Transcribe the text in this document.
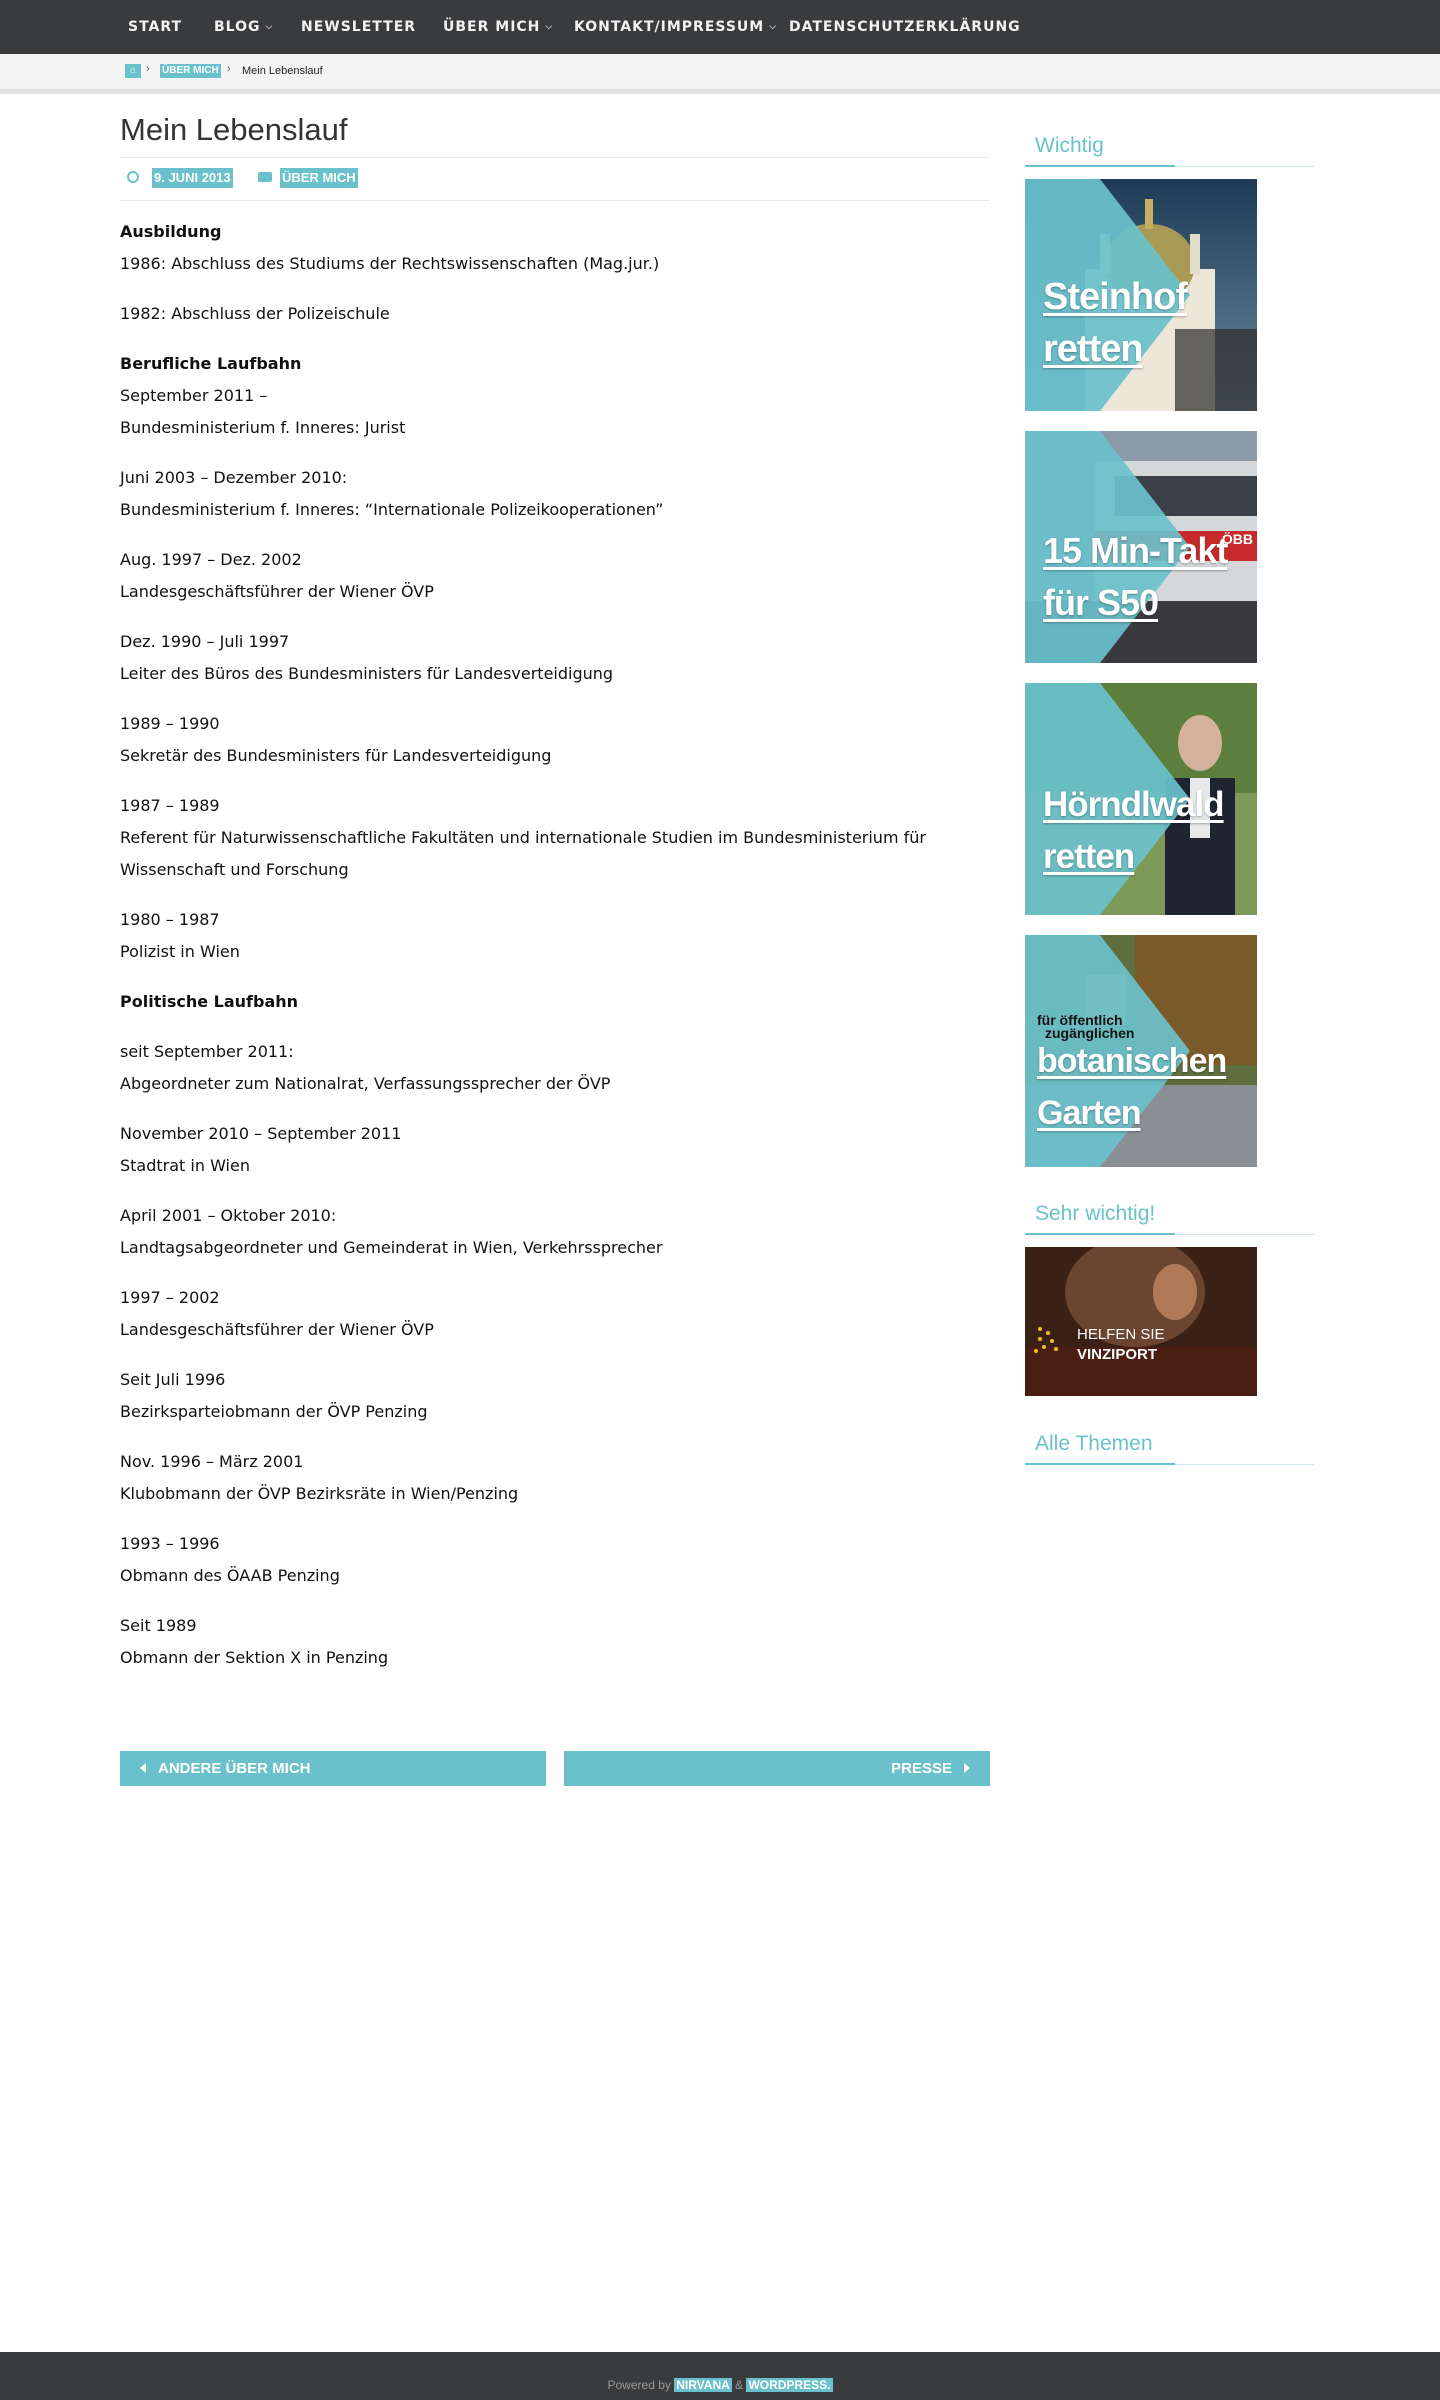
START BLOG ⌵ NEWSLETTER ÜBER MICH ⌵ KONTAKT/IMPRESSUM ⌵ DATENSCHUTZERKLÄRUNG
⌂ › ÜBER MICH › Mein Lebenslauf
Mein Lebenslauf
9. JUNI 2013	ÜBER MICH

Ausbildung
1986: Abschluss des Studiums der Rechtswissenschaften (Mag.jur.)

1982: Abschluss der Polizeischule

Berufliche Laufbahn
September 2011 –
Bundesministerium f. Inneres: Jurist

Juni 2003 – Dezember 2010:
Bundesministerium f. Inneres: “Internationale Polizeikooperationen”

Aug. 1997 – Dez. 2002
Landesgeschäftsführer der Wiener ÖVP

Dez. 1990 – Juli 1997
Leiter des Büros des Bundesministers für Landesverteidigung

1989 – 1990
Sekretär des Bundesministers für Landesverteidigung

1987 – 1989
Referent für Naturwissenschaftliche Fakultäten und internationale Studien im Bundesministerium für Wissenschaft und Forschung

1980 – 1987
Polizist in Wien

Politische Laufbahn

seit September 2011:
Abgeordneter zum Nationalrat, Verfassungssprecher der ÖVP

November 2010 – September 2011
Stadtrat in Wien

April 2001 – Oktober 2010:
Landtagsabgeordneter und Gemeinderat in Wien, Verkehrssprecher

1997 – 2002
Landesgeschäftsführer der Wiener ÖVP

Seit Juli 1996
Bezirksparteiobmann der ÖVP Penzing

Nov. 1996 – März 2001
Klubobmann der ÖVP Bezirksräte in Wien/Penzing

1993 – 1996
Obmann des ÖAAB Penzing

Seit 1989
Obmann der Sektion X in Penzing

ANDERE ÜBER MICH	PRESSE
Wichtig
Steinhof
retten
ÖBB
15 Min-Takt
für S50
Hörndlwald
retten
für öffentlich
zugänglichen
botanischen
Garten
Sehr wichtig!
HELFEN SIE
VINZIPORT
Alle Themen
Powered by NIRVANA & WORDPRESS.
